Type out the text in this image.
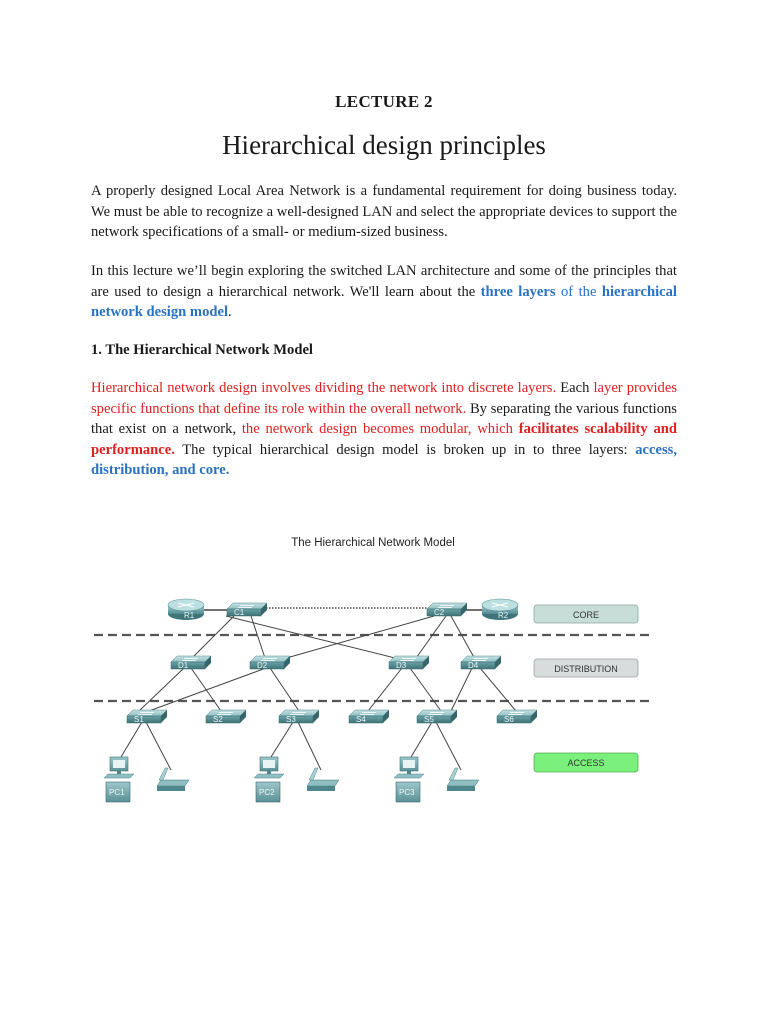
LECTURE 2
Hierarchical design principles

A properly designed Local Area Network is a fundamental requirement for doing business today. We must be able to recognize a well-designed LAN and select the appropriate devices to support the network specifications of a small- or medium-sized business.

In this lecture we’ll begin exploring the switched LAN architecture and some of the principles that are used to design a hierarchical network. We'll learn about the three layers of the hierarchical network design model.

1. The Hierarchical Network Model

Hierarchical network design involves dividing the network into discrete layers. Each layer provides specific functions that define its role within the overall network. By separating the various functions that exist on a network, the network design becomes modular, which facilitates scalability and performance. The typical hierarchical design model is broken up in to three layers: access, distribution, and core.

The Hierarchical Network Model
R1	R2
C1	C2
D1	D2	D3	D4
S1	S2	S3	S4	S5	S6
PC1	PC2	PC3
CORE
DISTRIBUTION
ACCESS
